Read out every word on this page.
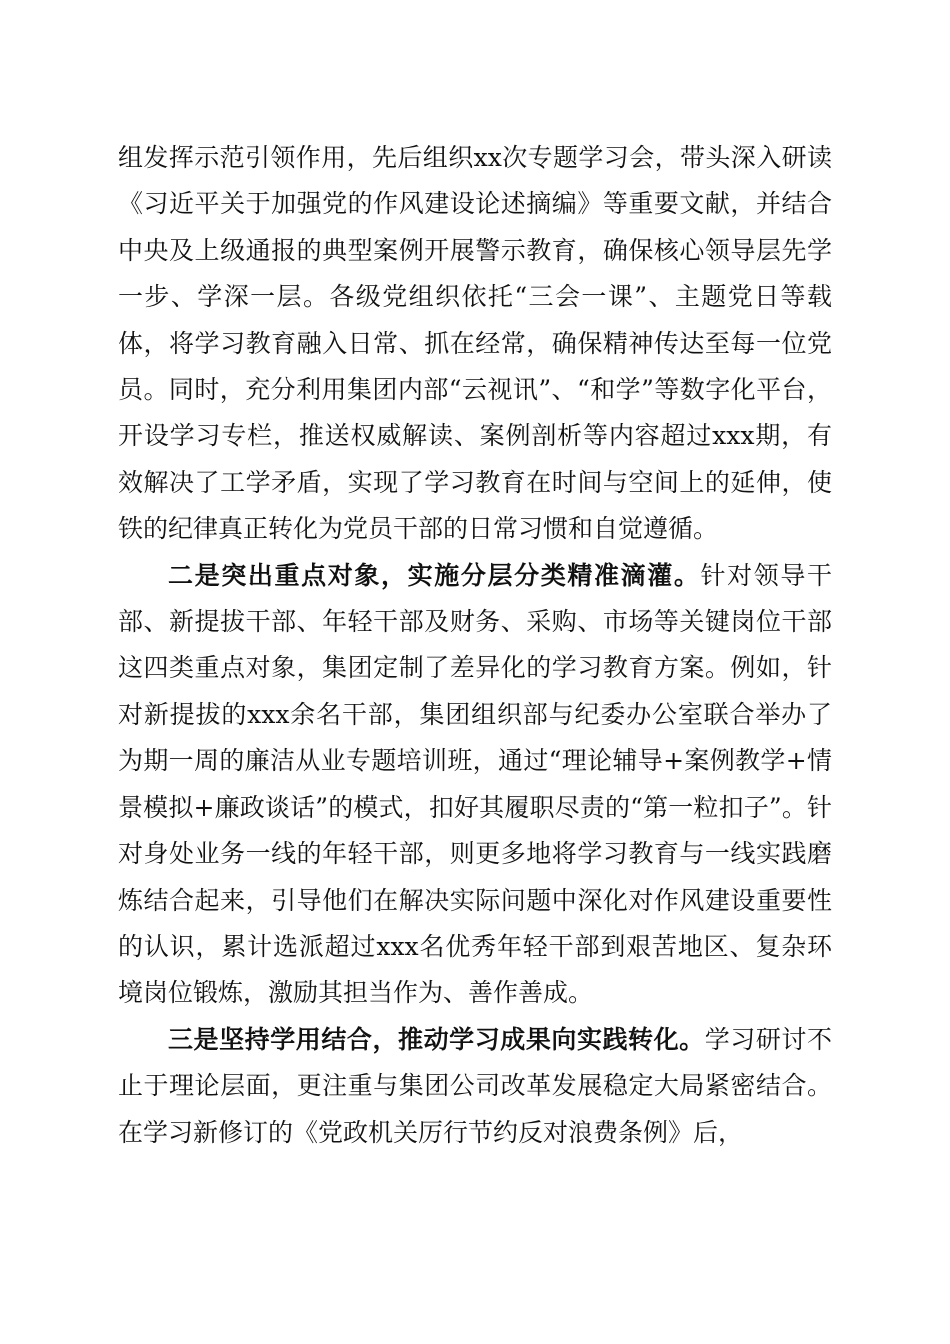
组发挥示范引领作用，先后组织xx次专题学习会，带头深入研读《习近平关于加强党的作风建设论述摘编》等重要文献，并结合中央及上级通报的典型案例开展警示教育，确保核心领导层先学一步、学深一层。各级党组织依托“三会一课”、主题党日等载体，将学习教育融入日常、抓在经常，确保精神传达至每一位党员。同时，充分利用集团内部“云视讯”、“和学”等数字化平台，开设学习专栏，推送权威解读、案例剖析等内容超过xxx期，有效解决了工学矛盾，实现了学习教育在时间与空间上的延伸，使铁的纪律真正转化为党员干部的日常习惯和自觉遵循。

二是突出重点对象，实施分层分类精准滴灌。针对领导干部、新提拔干部、年轻干部及财务、采购、市场等关键岗位干部这四类重点对象，集团定制了差异化的学习教育方案。例如，针对新提拔的xxx余名干部，集团组织部与纪委办公室联合举办了为期一周的廉洁从业专题培训班，通过“理论辅导+案例教学+情景模拟+廉政谈话”的模式，扣好其履职尽责的“第一粒扣子”。针对身处业务一线的年轻干部，则更多地将学习教育与一线实践磨炼结合起来，引导他们在解决实际问题中深化对作风建设重要性的认识，累计选派超过xxx名优秀年轻干部到艰苦地区、复杂环境岗位锻炼，激励其担当作为、善作善成。

三是坚持学用结合，推动学习成果向实践转化。学习研讨不止于理论层面，更注重与集团公司改革发展稳定大局紧密结合。在学习新修订的《党政机关厉行节约反对浪费条例》后，
